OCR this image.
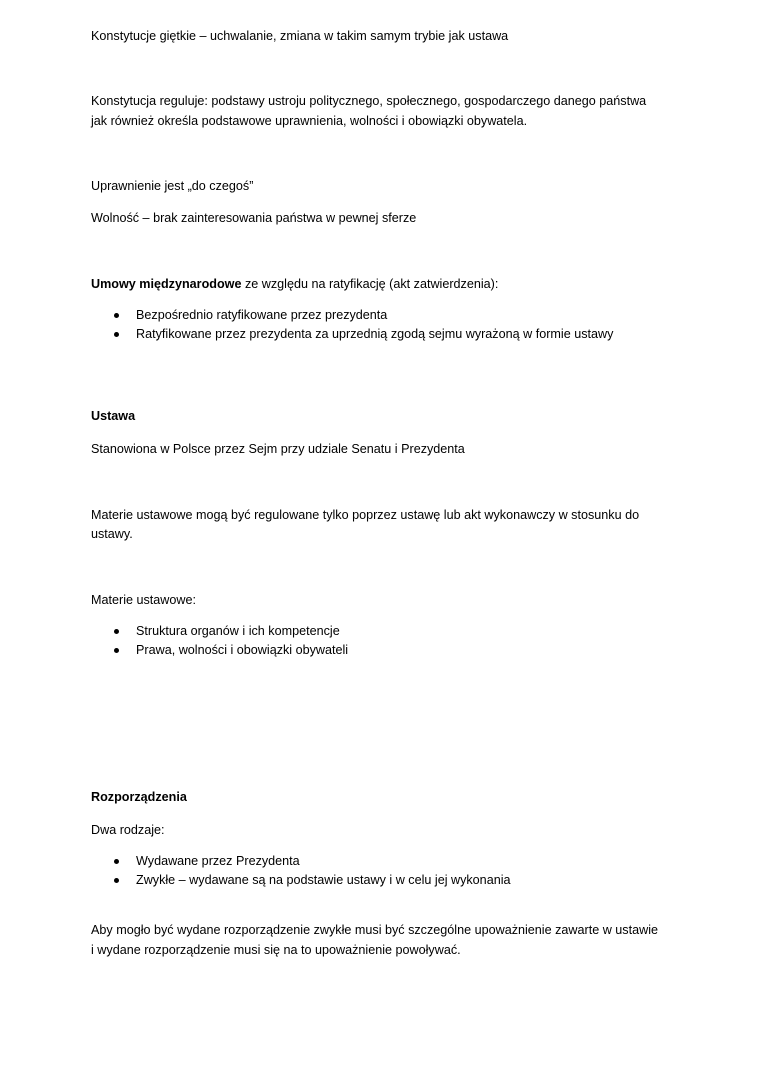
Konstytucje giętkie – uchwalanie, zmiana w takim samym trybie jak ustawa

Konstytucja reguluje: podstawy ustroju politycznego, społecznego, gospodarczego danego państwa

jak również określa podstawowe uprawnienia, wolności i obowiązki obywatela.

Uprawnienie jest „do czegoś”

Wolność – brak zainteresowania państwa w pewnej sferze

Umowy międzynarodowe ze względu na ratyfikację (akt zatwierdzenia):

Bezpośrednio ratyfikowane przez prezydenta
Ratyfikowane przez prezydenta za uprzednią zgodą sejmu wyrażoną w formie ustawy

Ustawa

Stanowiona w Polsce przez Sejm przy udziale Senatu i Prezydenta

Materie ustawowe mogą być regulowane tylko poprzez ustawę lub akt wykonawczy w stosunku do

ustawy.

Materie ustawowe:

Struktura organów i ich kompetencje
Prawa, wolności i obowiązki obywateli

Rozporządzenia

Dwa rodzaje:

Wydawane przez Prezydenta
Zwykłe – wydawane są na podstawie ustawy i w celu jej wykonania

Aby mogło być wydane rozporządzenie zwykłe musi być szczególne upoważnienie zawarte w ustawie

i wydane rozporządzenie musi się na to upoważnienie powoływać.
